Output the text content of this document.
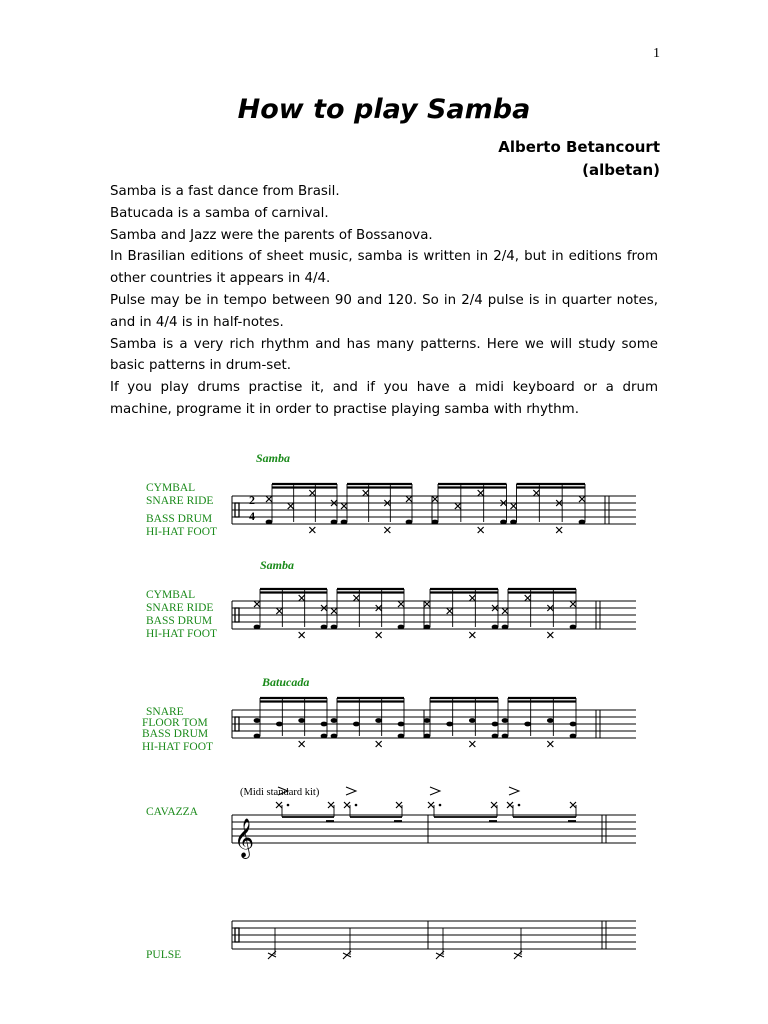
1
How to play Samba
Alberto Betancourt
(albetan)

Samba is a fast dance from Brasil.

Batucada is a samba of carnival.

Samba and Jazz were the parents of Bossanova.

In Brasilian editions of sheet music, samba is written in 2/4, but in editions from other countries it appears in 4/4.

Pulse may be in tempo between 90 and 120. So in 2/4 pulse is in quarter notes, and in 4/4 is in half-notes.

Samba is a very rich rhythm and has many patterns. Here we will study some basic patterns in drum-set.

If you play drums practise it, and if you have a midi keyboard or a drum machine, programe it in order to practise playing samba with rhythm.

Samba
CYMBAL
SNARE RIDE
BASS DRUM
HI-HAT FOOT
2
4
Samba
CYMBAL
SNARE RIDE
BASS DRUM
HI-HAT FOOT
Batucada
SNARE
FLOOR TOM
BASS DRUM
HI-HAT FOOT
(Midi standard kit)
CAVAZZA
𝄞
PULSE
